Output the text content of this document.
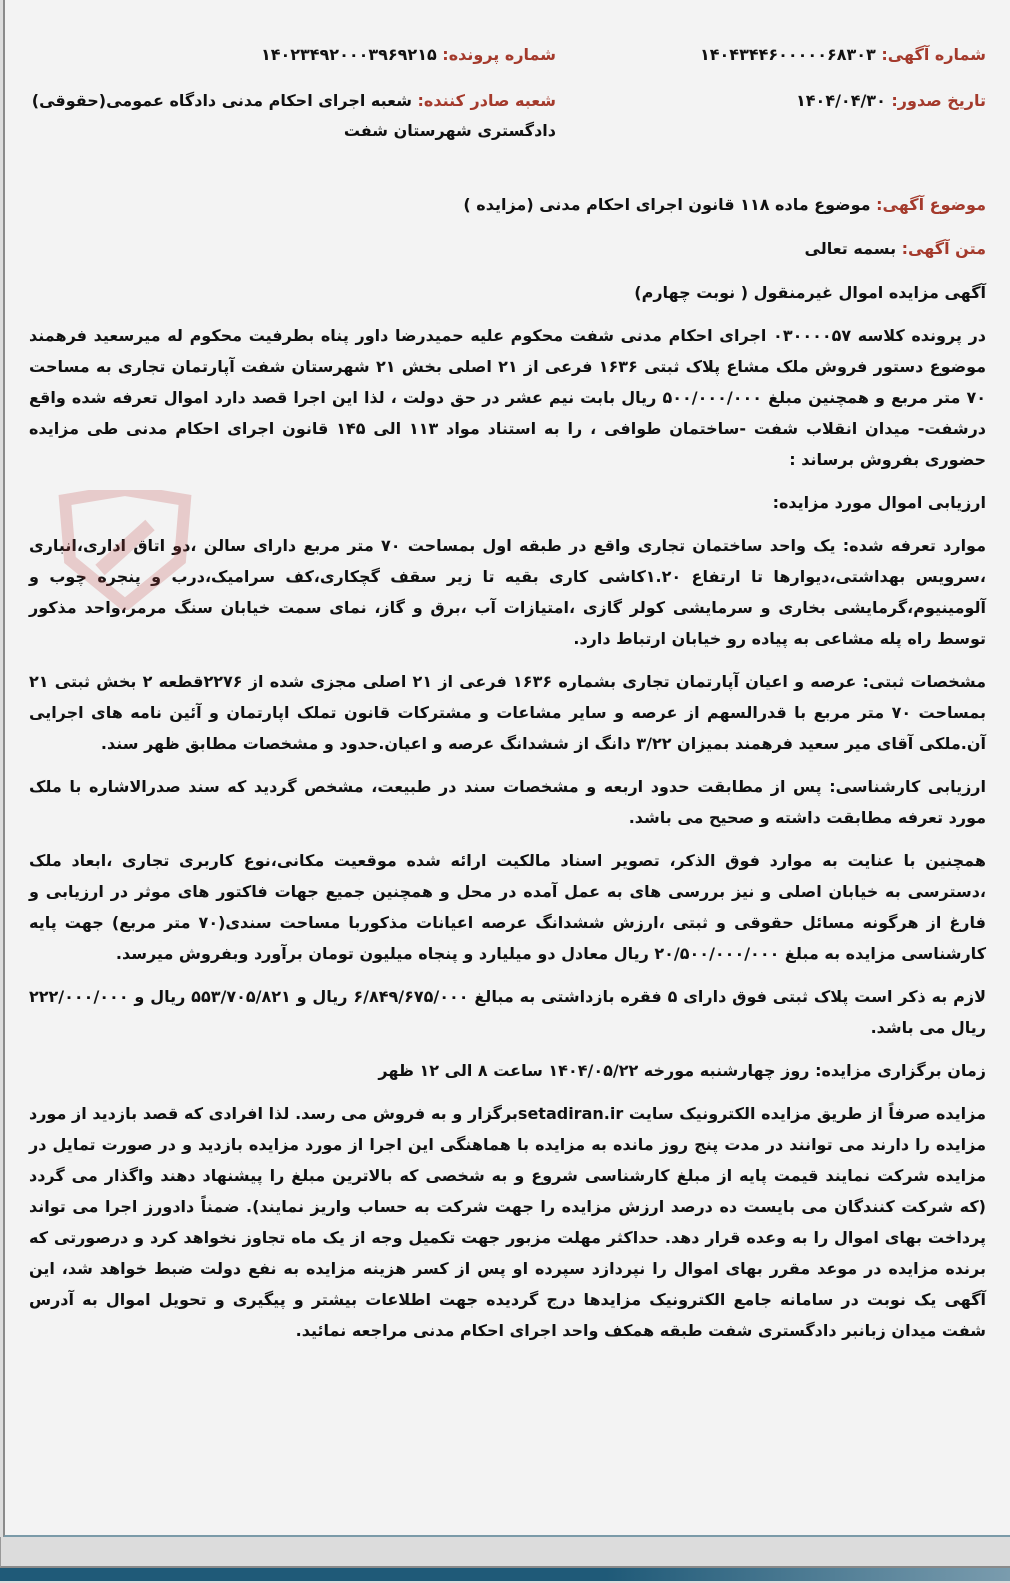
شماره آگهی: ۱۴۰۴۳۴۴۶۰۰۰۰۰۶۸۳۰۳
شماره پرونده: ۱۴۰۲۳۴۹۲۰۰۰۳۹۶۹۲۱۵
تاریخ صدور: ۱۴۰۴/۰۴/۳۰
شعبه صادر کننده: شعبه اجرای احکام مدنی دادگاه عمومی(حقوقی) دادگستری شهرستان شفت
موضوع آگهی: موضوع ماده ۱۱۸ قانون اجرای احکام مدنی (مزایده )
متن آگهی: بسمه تعالی
آگهی مزایده اموال غیرمنقول ( نوبت چهارم)
در پرونده کلاسه ۰۳۰۰۰۰۵۷ اجرای احکام مدنی شفت محکوم علیه حمیدرضا داور پناه بطرفیت محکوم له میرسعید فرهمند موضوع دستور فروش ملک مشاع پلاک ثبتی ۱۶۳۶ فرعی از ۲۱ اصلی بخش ۲۱ شهرستان شفت آپارتمان تجاری به مساحت ۷۰ متر مربع و همچنین مبلغ ۵۰۰/۰۰۰/۰۰۰ ریال بابت نیم عشر در حق دولت ، لذا این اجرا قصد دارد اموال تعرفه شده واقع درشفت- میدان انقلاب شفت -ساختمان طوافی ، را به استناد مواد ۱۱۳ الی ۱۴۵ قانون اجرای احکام مدنی طی مزایده حضوری بفروش برساند :
ارزیابی اموال مورد مزایده:
موارد تعرفه شده: یک واحد ساختمان تجاری واقع در طبقه اول بمساحت ۷۰ متر مربع دارای سالن ،دو اتاق اداری،انباری ،سرویس بهداشتی،دیوارها تا ارتفاع ۱.۲۰کاشی کاری بقیه تا زیر سقف گچکاری،کف سرامیک،درب و پنجره چوب و آلومینیوم،گرمایشی بخاری و سرمایشی کولر گازی ،امتیازات آب ،برق و گاز، نمای سمت خیابان سنگ مرمر،واحد مذکور توسط راه پله مشاعی به پیاده رو خیابان ارتباط دارد.
مشخصات ثبتی: عرصه و اعیان آپارتمان تجاری بشماره ۱۶۳۶ فرعی از ۲۱ اصلی مجزی شده از ۲۲۷۶قطعه ۲ بخش ثبتی ۲۱ بمساحت ۷۰ متر مربع با قدرالسهم از عرصه و سایر مشاعات و مشترکات قانون تملک اپارتمان و آئین نامه های اجرایی آن.ملکی آقای میر سعید فرهمند بمیزان ۳/۲۲ دانگ از ششدانگ عرصه و اعیان.حدود و مشخصات مطابق ظهر سند.
ارزیابی کارشناسی: پس از مطابقت حدود اربعه و مشخصات سند در طبیعت، مشخص گردید که سند صدرالاشاره با ملک مورد تعرفه مطابقت داشته و صحیح می باشد.
همچنین با عنایت به موارد فوق الذکر، تصویر اسناد مالکیت ارائه شده موقعیت مکانی،نوع کاربری تجاری ،ابعاد ملک ،دسترسی به خیابان اصلی و نیز بررسی های به عمل آمده در محل و همچنین جمیع جهات فاکتور های موثر در ارزیابی و فارغ از هرگونه مسائل حقوقی و ثبتی ،ارزش ششدانگ عرصه اعیانات مذکوربا مساحت سندی(۷۰ متر مربع) جهت پایه کارشناسی مزایده به مبلغ ۲۰/۵۰۰/۰۰۰/۰۰۰ ریال معادل دو میلیارد و پنجاه میلیون تومان برآورد وبفروش میرسد.
لازم به ذکر است پلاک ثبتی فوق دارای ۵ فقره بازداشتی به مبالغ ۶/۸۴۹/۶۷۵/۰۰۰ ریال و ۵۵۳/۷۰۵/۸۲۱ ریال و ۲۲۲/۰۰۰/۰۰۰ ریال می باشد.
زمان برگزاری مزایده: روز چهارشنبه مورخه ۱۴۰۴/۰۵/۲۲ ساعت ۸ الی ۱۲ ظهر
مزایده صرفاً از طریق مزایده الکترونیک سایت setadiran.irبرگزار و به فروش می رسد. لذا افرادی که قصد بازدید از مورد مزایده را دارند می توانند در مدت پنج روز مانده به مزایده با هماهنگی این اجرا از مورد مزایده بازدید و در صورت تمایل در مزایده شرکت نمایند قیمت پایه از مبلغ کارشناسی شروع و به شخصی که بالاترین مبلغ را پیشنهاد دهند واگذار می گردد (که شرکت کنندگان می بایست ده درصد ارزش مزایده را جهت شرکت به حساب واریز نمایند). ضمناً دادورز اجرا می تواند پرداخت بهای اموال را به وعده قرار دهد. حداکثر مهلت مزبور جهت تکمیل وجه از یک ماه تجاوز نخواهد کرد و درصورتی که برنده مزایده در موعد مقرر بهای اموال را نپردازد سپرده او پس از کسر هزینه مزایده به نفع دولت ضبط خواهد شد، این آگهی یک نوبت در سامانه جامع الکترونیک مزایدها درج گردیده جهت اطلاعات بیشتر و پیگیری و تحویل اموال به آدرس شفت میدان زبانبر دادگستری شفت طبقه همکف واحد اجرای احکام مدنی مراجعه نمائید.
